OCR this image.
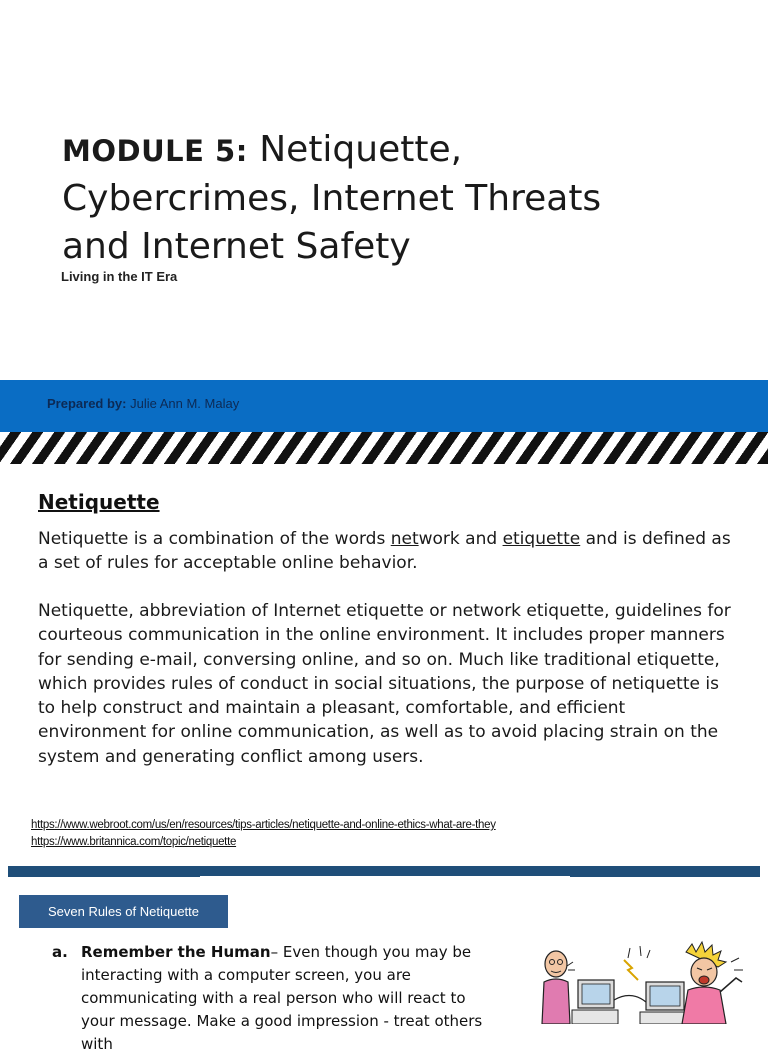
MODULE 5: Netiquette,
Cybercrimes, Internet Threats
and Internet Safety
Living in the IT Era
Prepared by: Julie Ann M. Malay
Netiquette
Netiquette is a combination of the words network and etiquette and is defined as a set of rules for acceptable online behavior.
Netiquette, abbreviation of Internet etiquette or network etiquette, guidelines for courteous communication in the online environment. It includes proper manners for sending e-mail, conversing online, and so on. Much like traditional etiquette, which provides rules of conduct in social situations, the purpose of netiquette is to help construct and maintain a pleasant, comfortable, and efficient environment for online communication, as well as to avoid placing strain on the system and generating conflict among users.
https://www.webroot.com/us/en/resources/tips-articles/netiquette-and-online-ethics-what-are-they
https://www.britannica.com/topic/netiquette
Seven Rules of Netiquette
a. Remember the Human– Even though you may be interacting with a computer screen, you are communicating with a real person who will react to your message. Make a good impression - treat others with
